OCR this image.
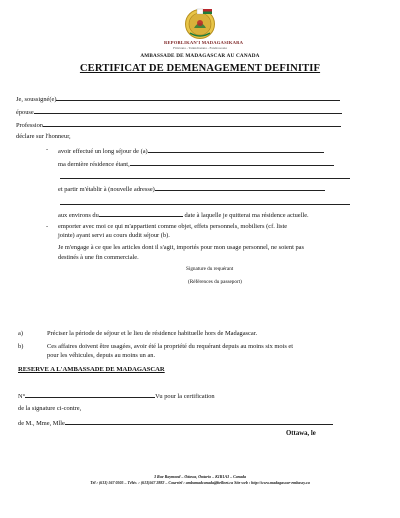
REPOBLIKAN'I MADAGASIKARA
Fitiavana - Tanindrazana - Fandrosoana
AMBASSADE DE MADAGASCAR AU CANADA
CERTIFICAT DE DEMENAGEMENT DEFINITIF
Je, soussigné(e)
épouse
Profession
déclare sur l'honneur,
- avoir effectué un long séjour de (a)
ma dernière résidence étant,
et partir m'établir à (nouvelle adresse)
aux environs du	date à laquelle je quitterai ma résidence actuelle.
- emporter avec moi ce qui m'appartient comme objet, effets personnels, mobiliers (cf. liste
jointe) ayant servi au cours dudit séjour (b).
Je m'engage à ce que les articles dont il s'agit, importés pour mon usage personnel, ne soient pas
destinés à une fin commerciale.
Signature du requérant
(Références du passeport)
a)	Préciser la période de séjour et le lieu de résidence habituelle hors de Madagascar.
b)	Ces affaires doivent être usagées, avoir été la propriété du requérant depuis au moins six mois et
pour les véhicules, depuis au moins un an.
RESERVE A L'AMBASSADE DE MADAGASCAR
N°	Vu pour la certification
de la signature ci-contre,
de M., Mme, Mlle
Ottawa, le
3 Rue Raymond – Ottawa, Ontario – K1R1A3 – Canada
Tél : (613) 567 0505 – Téléc. : (613)567 2882 – Courriel : ambamadcanada@bellnet.ca Site web : http://www.madagascar-embassy.ca
